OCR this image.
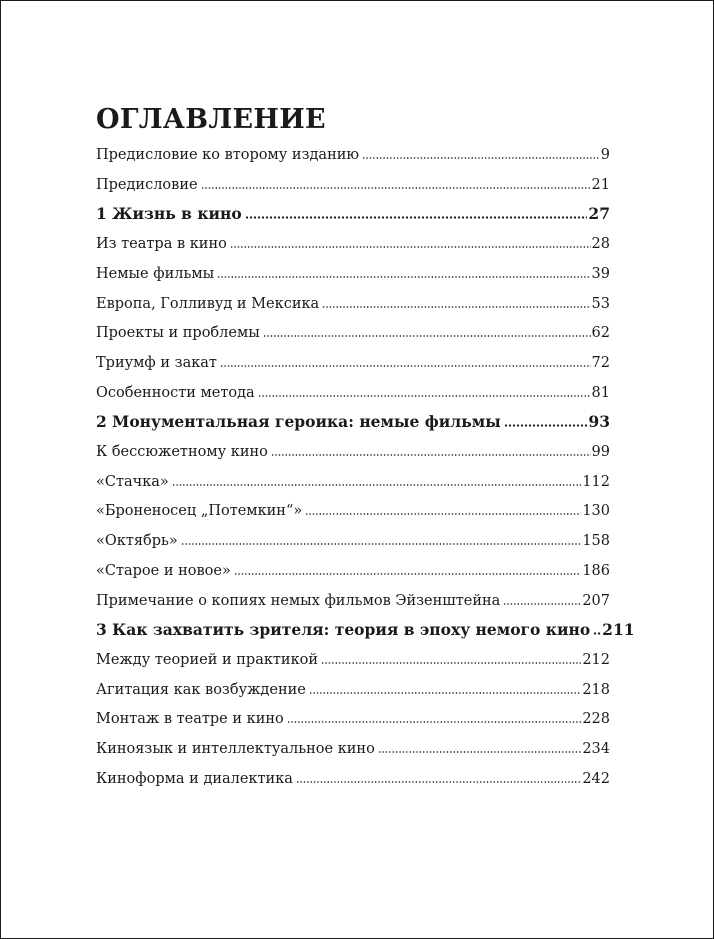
ОГЛАВЛЕНИЕ
Предисловие ко второму изданию	9
Предисловие	21
1 Жизнь в кино	27
Из театра в кино	28
Немые фильмы	39
Европа, Голливуд и Мексика	53
Проекты и проблемы	62
Триумф и закат	72
Особенности метода	81
2 Монументальная героика: немые фильмы	93
К бессюжетному кино	99
«Стачка»	112
«Броненосец „Потемкин“»	130
«Октябрь»	158
«Старое и новое»	186
Примечание о копиях немых фильмов Эйзенштейна	207
3 Как захватить зрителя: теория в эпоху немого кино 211
Между теорией и практикой	212
Агитация как возбуждение	218
Монтаж в театре и кино	228
Киноязык и интеллектуальное кино	234
Киноформа и диалектика	242
